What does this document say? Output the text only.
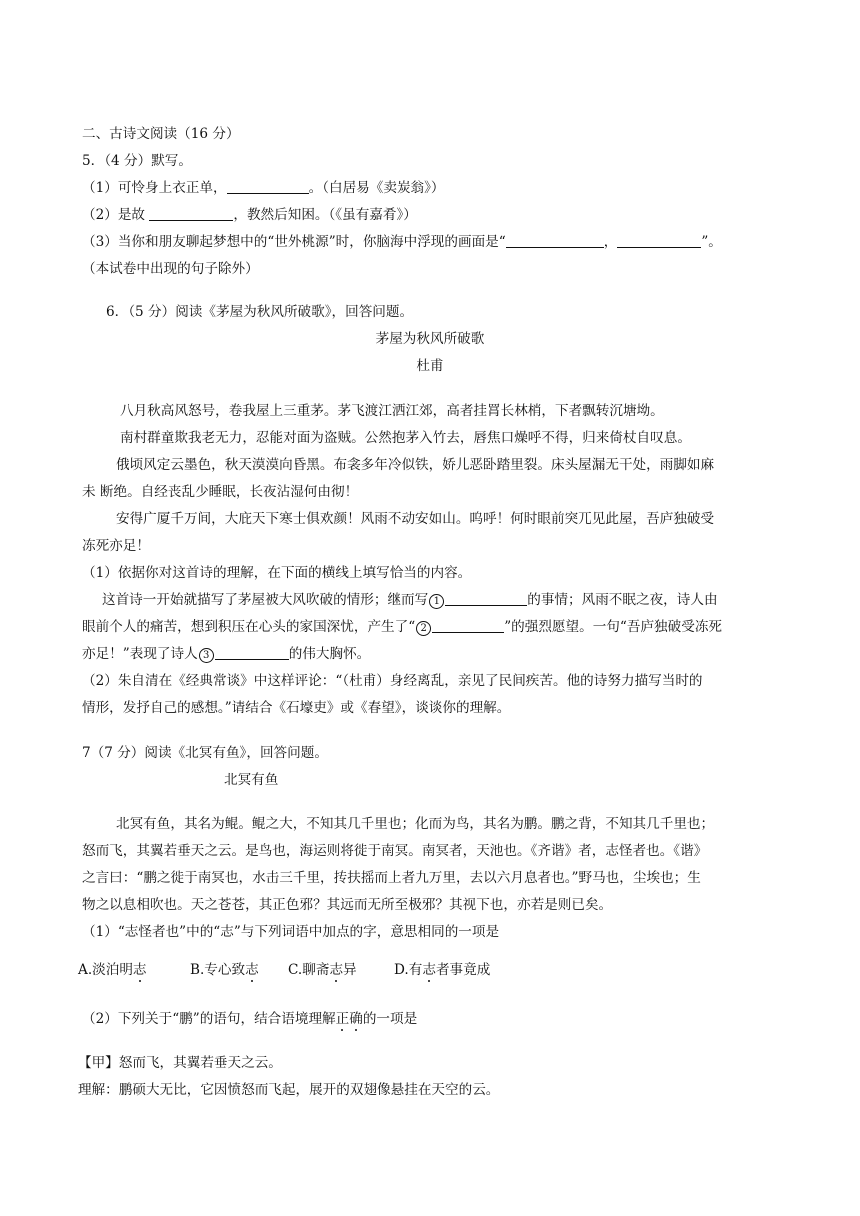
二、古诗文阅读（16 分）
5．（4 分）默写。
（1）可怜身上衣正单，	。（白居易《卖炭翁》）
（2）是故	，教然后知困。（《虽有嘉肴》）
（3）当你和朋友聊起梦想中的“世外桃源”时，你脑海中浮现的画面是“	，	”。
（本试卷中出现的句子除外）
6．（5 分）阅读《茅屋为秋风所破歌》，回答问题。
茅屋为秋风所破歌
杜甫
八月秋高风怒号，卷我屋上三重茅。茅飞渡江洒江郊，高者挂罥长林梢，下者飘转沉塘坳。
南村群童欺我老无力，忍能对面为盗贼。公然抱茅入竹去，唇焦口燥呼不得，归来倚杖自叹息。
俄顷风定云墨色，秋天漠漠向昏黑。布衾多年冷似铁，娇儿恶卧踏里裂。床头屋漏无干处，雨脚如麻
未 断绝。自经丧乱少睡眠，长夜沾湿何由彻！
安得广厦千万间，大庇天下寒士俱欢颜！风雨不动安如山。呜呼！何时眼前突兀见此屋，吾庐独破受
冻死亦足！
（1）依据你对这首诗的理解，在下面的横线上填写恰当的内容。
这首诗一开始就描写了茅屋被大风吹破的情形；继而写 1	的事情；风雨不眠之夜，诗人由
眼前个人的痛苦，想到积压在心头的家国深忧，产生了“ 2	”的强烈愿望。一句“吾庐独破受冻死
亦足！”表现了诗人 3	的伟大胸怀。
（2）朱自清在《经典常谈》中这样评论：“（杜甫）身经离乱，亲见了民间疾苦。他的诗努力描写当时的
情形，发抒自己的感想。”请结合《石壕吏》或《春望》，谈谈你的理解。
7（7 分）阅读《北冥有鱼》，回答问题。
北冥有鱼
北冥有鱼，其名为鲲。鲲之大，不知其几千里也；化而为鸟，其名为鹏。鹏之背，不知其几千里也；
怒而飞，其翼若垂天之云。是鸟也，海运则将徙于南冥。南冥者，天池也。《齐谐》者，志怪者也。《谐》
之言曰：“鹏之徙于南冥也，水击三千里，抟扶摇而上者九万里，去以六月息者也。”野马也，尘埃也；生
物之以息相吹也。天之苍苍，其正色邪？其远而无所至极邪？其视下也，亦若是则已矣。
（1）“志怪者也”中的“志”与下列词语中加点的字，意思相同的一项是
A.淡泊明志	B.专心致志 C.聊斋志异	D.有志者事竟成
（2）下列关于“鹏”的语句，结合语境理解正确的一项是
【甲】怒而飞，其翼若垂天之云。
理解：鹏硕大无比，它因愤怒而飞起，展开的双翅像悬挂在天空的云。
